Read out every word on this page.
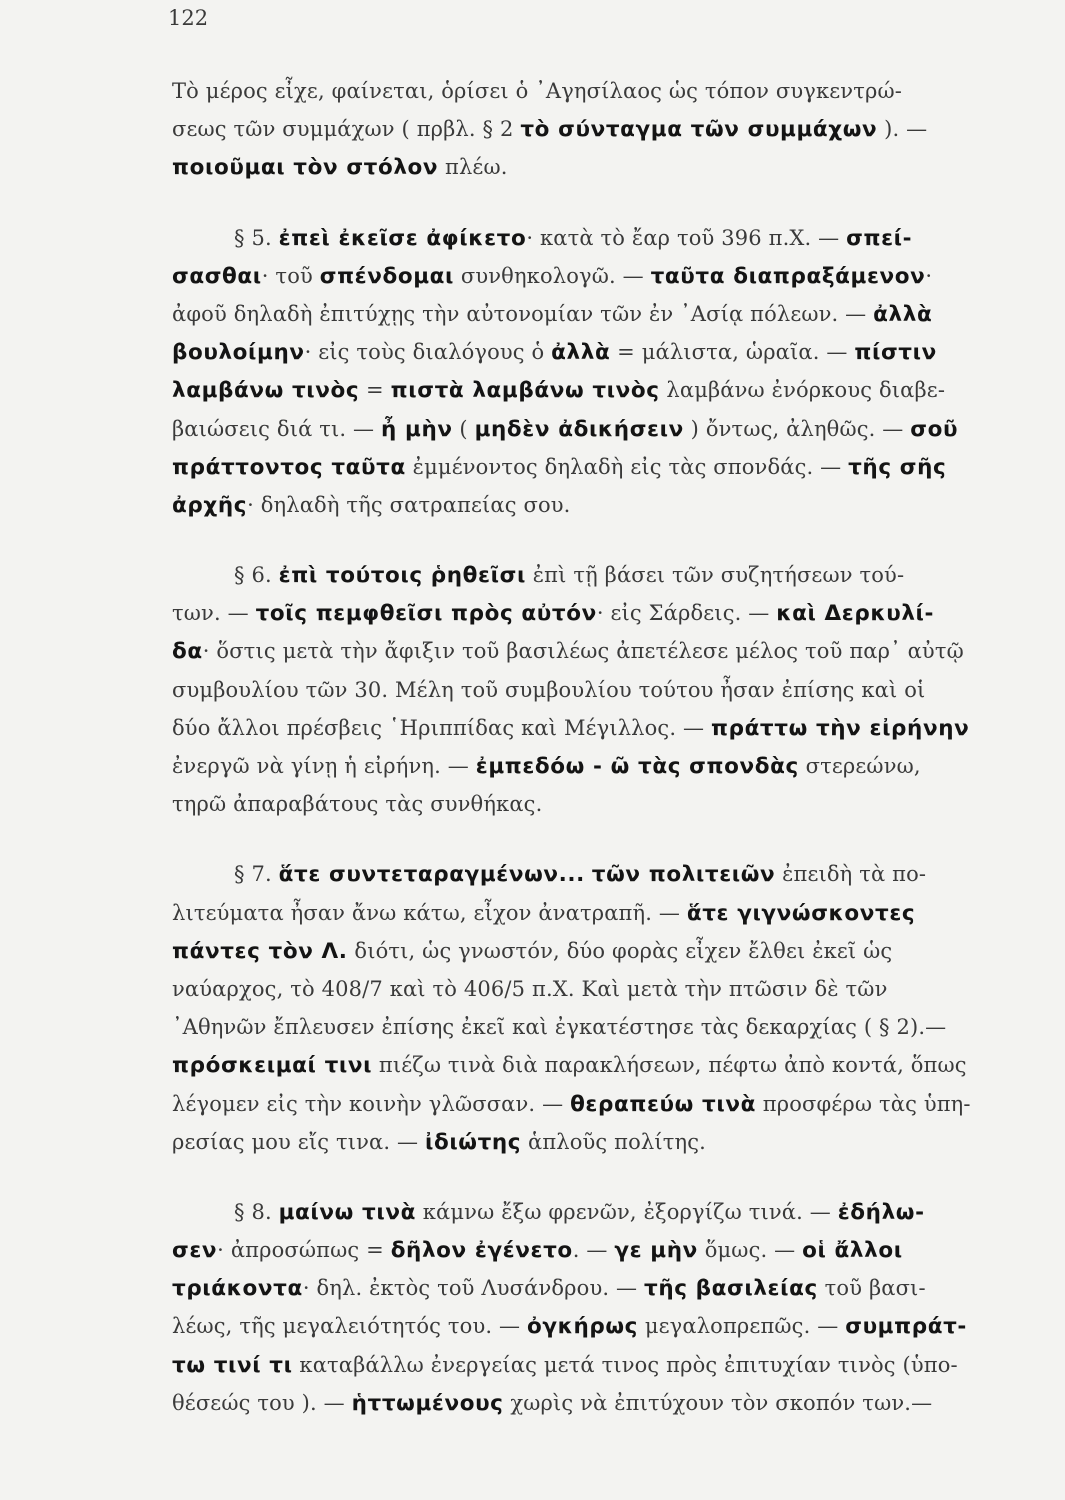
122
Τὸ μέρος εἶχε, φαίνεται, ὁρίσει ὁ ᾿Αγησίλαος ὡς τόπον συγκεντρώ-
σεως τῶν συμμάχων ( πρβλ. § 2 τὸ σύνταγμα τῶν συμμάχων ). —
ποιοῦμαι τὸν στόλον πλέω.
§ 5. ἐπεὶ ἐκεῖσε ἀφίκετο· κατὰ τὸ ἔαρ τοῦ 396 π.Χ. — σπεί-
σασθαι· τοῦ σπένδομαι συνθηκολογῶ. — ταῦτα διαπραξάμενον·
ἀφοῦ δηλαδὴ ἐπιτύχῃς τὴν αὐτονομίαν τῶν ἐν ᾿Ασίᾳ πόλεων. — ἀλλὰ
βουλοίμην· εἰς τοὺς διαλόγους ὁ ἀλλὰ = μάλιστα, ὡραῖα. — πίστιν
λαμβάνω τινὸς = πιστὰ λαμβάνω τινὸς λαμβάνω ἐνόρκους διαβε-
βαιώσεις διά τι. — ἦ μὴν ( μηδὲν ἀδικήσειν ) ὄντως, ἀληθῶς. — σοῦ
πράττοντος ταῦτα ἐμμένοντος δηλαδὴ εἰς τὰς σπονδάς. — τῆς σῆς
ἀρχῆς· δηλαδὴ τῆς σατραπείας σου.
§ 6. ἐπὶ τούτοις ῥηθεῖσι ἐπὶ τῇ βάσει τῶν συζητήσεων τού-
των. — τοῖς πεμφθεῖσι πρὸς αὐτόν· εἰς Σάρδεις. — καὶ Δερκυλί-
δα· ὅστις μετὰ τὴν ἄφιξιν τοῦ βασιλέως ἀπετέλεσε μέλος τοῦ παρ᾿ αὐτῷ
συμβουλίου τῶν 30. Μέλη τοῦ συμβουλίου τούτου ἦσαν ἐπίσης καὶ οἱ
δύο ἄλλοι πρέσβεις ῾Ηριππίδας καὶ Μέγιλλος. — πράττω τὴν εἰρήνην
ἐνεργῶ νὰ γίνῃ ἡ εἰρήνη. — ἐμπεδόω - ῶ τὰς σπονδὰς στερεώνω,
τηρῶ ἀπαραβάτους τὰς συνθήκας.
§ 7. ἅτε συντεταραγμένων... τῶν πολιτειῶν ἐπειδὴ τὰ πο-
λιτεύματα ἦσαν ἄνω κάτω, εἶχον ἀνατραπῆ. — ἅτε γιγνώσκοντες
πάντες τὸν Λ. διότι, ὡς γνωστόν, δύο φορὰς εἶχεν ἔλθει ἐκεῖ ὡς
ναύαρχος, τὸ 408/7 καὶ τὸ 406/5 π.Χ. Καὶ μετὰ τὴν πτῶσιν δὲ τῶν
᾿Αθηνῶν ἔπλευσεν ἐπίσης ἐκεῖ καὶ ἐγκατέστησε τὰς δεκαρχίας ( § 2).—
πρόσκειμαί τινι πιέζω τινὰ διὰ παρακλήσεων, πέφτω ἀπὸ κοντά, ὅπως
λέγομεν εἰς τὴν κοινὴν γλῶσσαν. — θεραπεύω τινὰ προσφέρω τὰς ὑπη-
ρεσίας μου εἴς τινα. — ἰδιώτης ἁπλοῦς πολίτης.
§ 8. μαίνω τινὰ κάμνω ἔξω φρενῶν, ἐξοργίζω τινά. — ἐδήλω-
σεν· ἀπροσώπως = δῆλον ἐγένετο. — γε μὴν ὅμως. — οἱ ἄλλοι
τριάκοντα· δηλ. ἐκτὸς τοῦ Λυσάνδρου. — τῆς βασιλείας τοῦ βασι-
λέως, τῆς μεγαλειότητός του. — ὀγκήρως μεγαλοπρεπῶς. — συμπράτ-
τω τινί τι καταβάλλω ἐνεργείας μετά τινος πρὸς ἐπιτυχίαν τινὸς (ὑπο-
θέσεώς του ). — ἡττωμένους χωρὶς νὰ ἐπιτύχουν τὸν σκοπόν των.—
